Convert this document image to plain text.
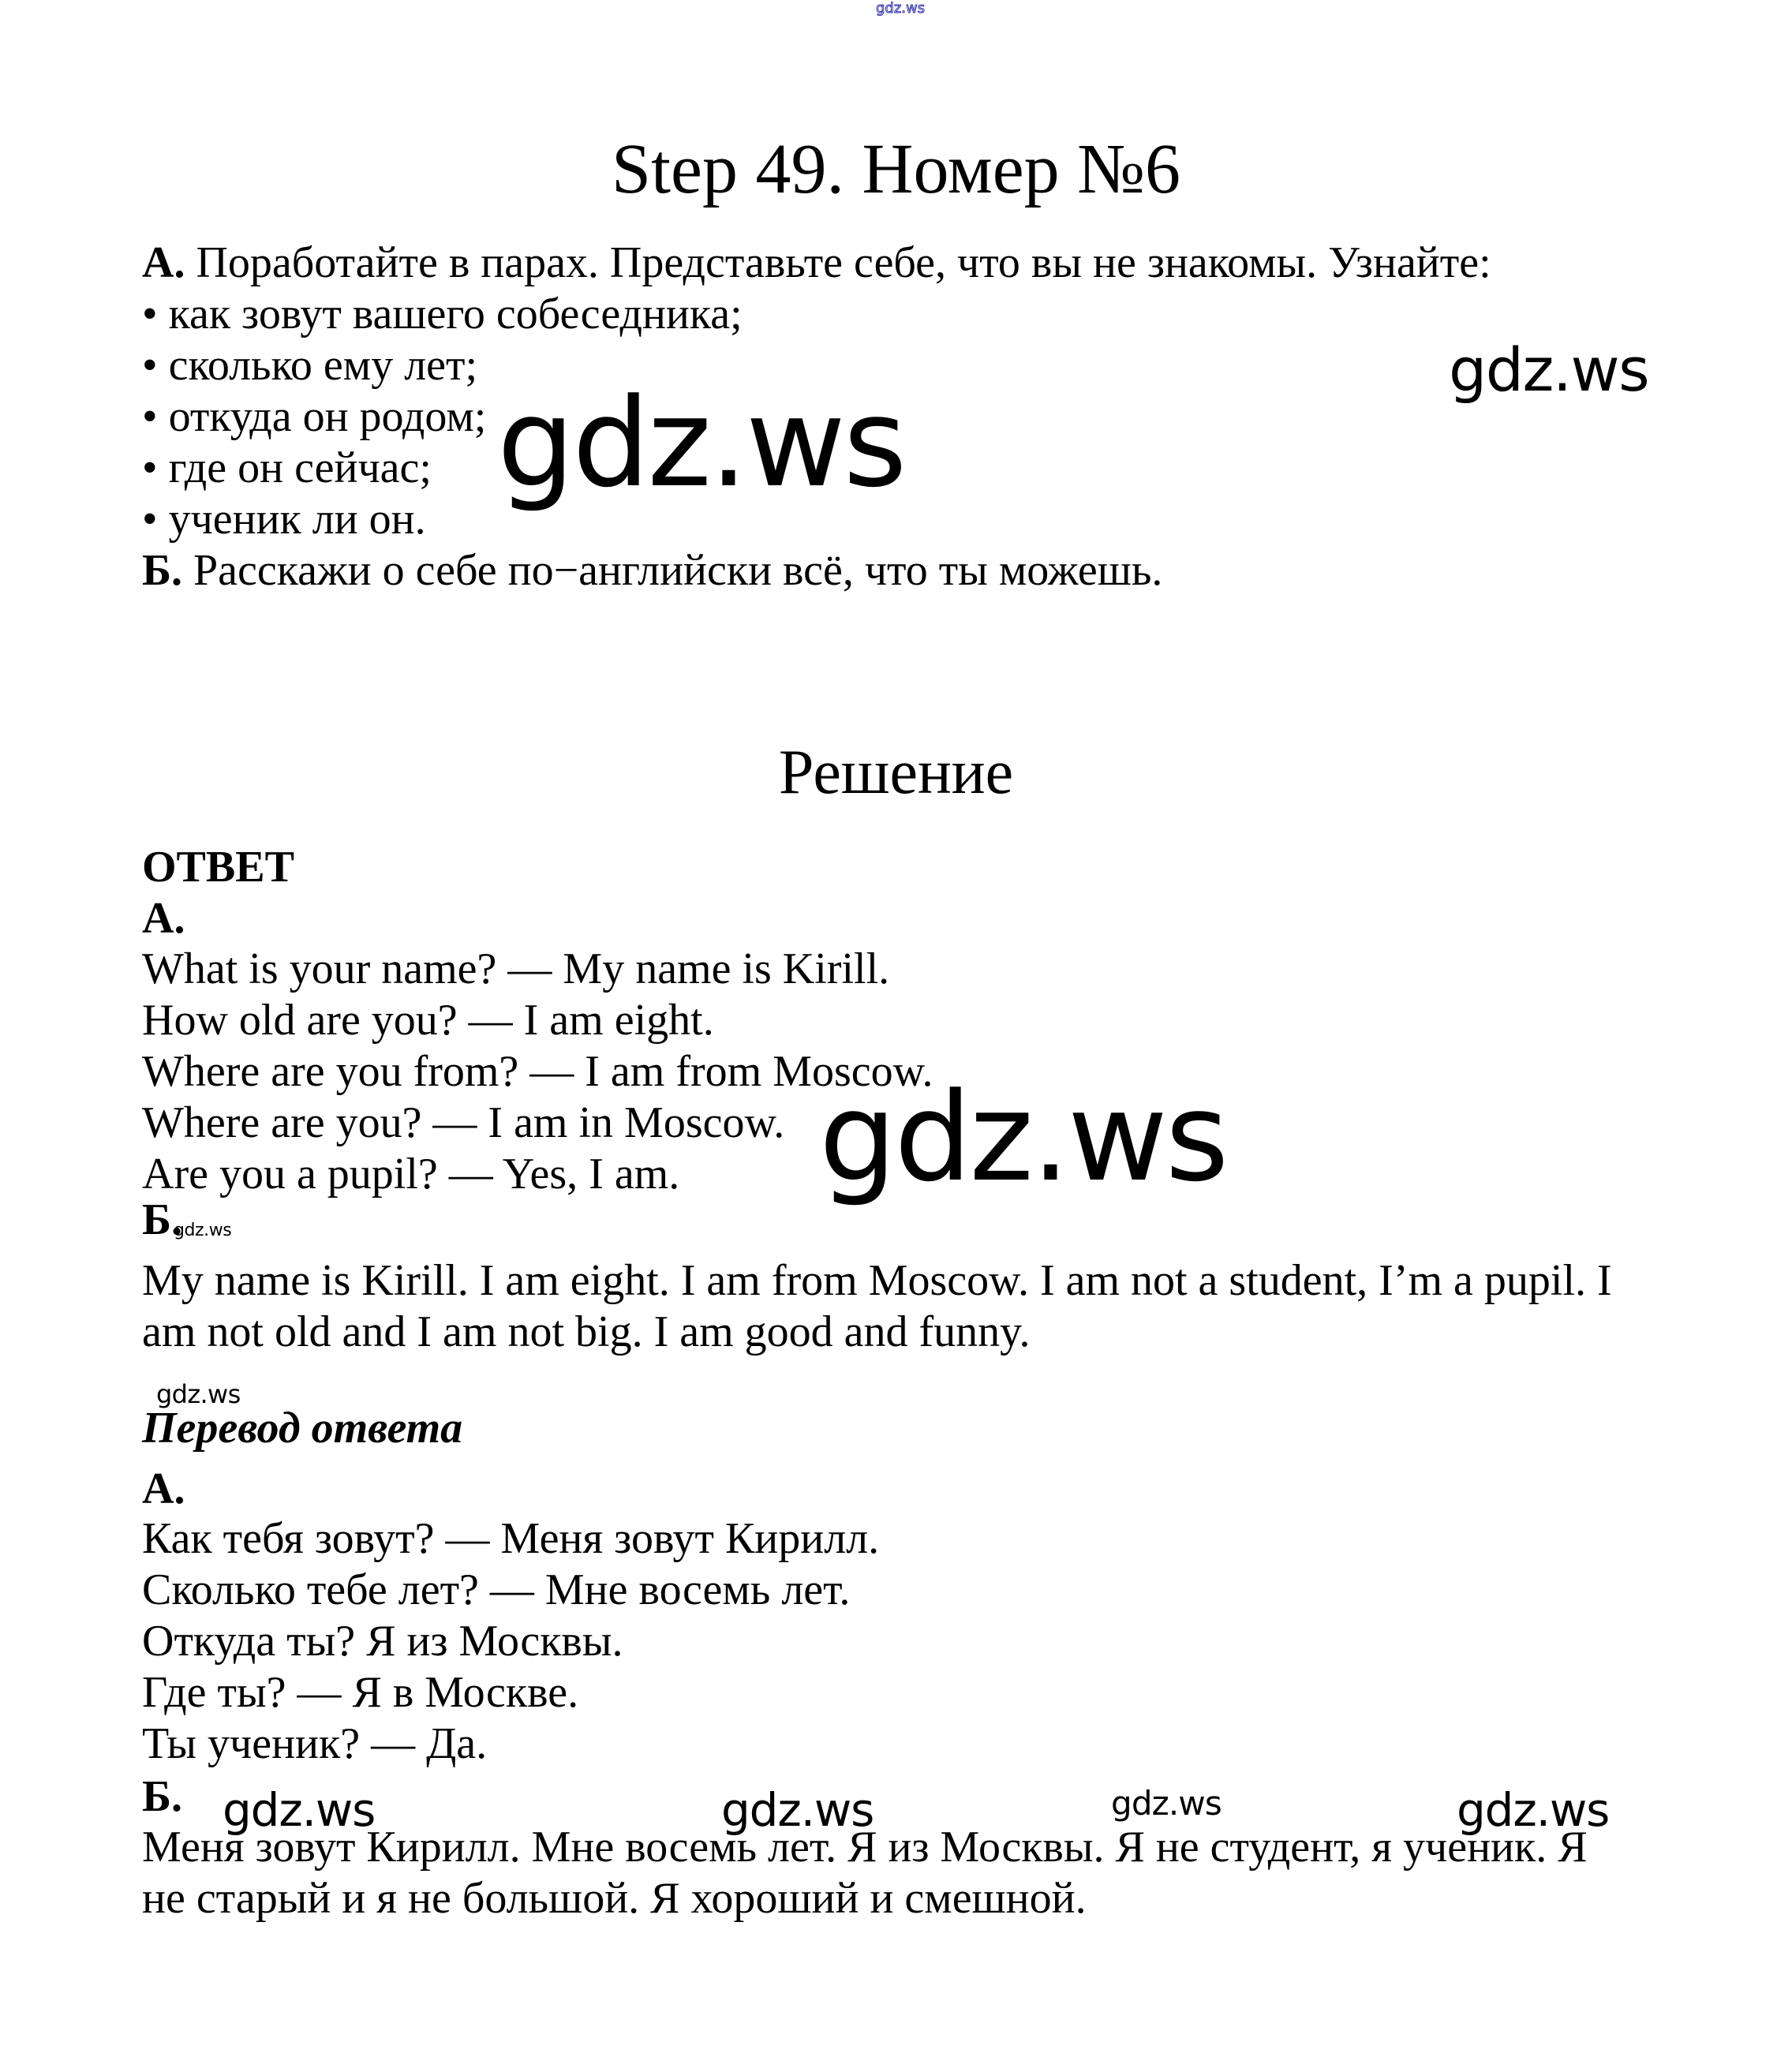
gdz.ws
Step 49. Номер №6

А. Поработайте в парах. Представьте себе, что вы не знакомы. Узнайте:

• как зовут вашего собеседника;

• сколько ему лет;

• откуда он родом;

• где он сейчас;

• ученик ли он.

Б. Расскажи о себе по−английски всё, что ты можешь.

gdz.ws
gdz.ws
Решение

ОТВЕТ

А.

What is your name? — My name is Kirill.

How old are you? — I am eight.

Where are you from? — I am from Moscow.

Where are you? — I am in Moscow.

Are you a pupil? — Yes, I am.

Б.

My name is Kirill. I am eight. I am from Moscow. I am not a student, I’m a pupil. I

am not old and I am not big. I am good and funny.

gdz.ws
gdz.ws
gdz.ws

Перевод ответа

А.

Как тебя зовут? — Меня зовут Кирилл.

Сколько тебе лет? — Мне восемь лет.

Откуда ты? Я из Москвы.

Где ты? — Я в Москве.

Ты ученик? — Да.

Б.

Меня зовут Кирилл. Мне восемь лет. Я из Москвы. Я не студент, я ученик. Я

не старый и я не большой. Я хороший и смешной.

gdz.ws	gdz.ws	gdz.ws	gdz.ws
